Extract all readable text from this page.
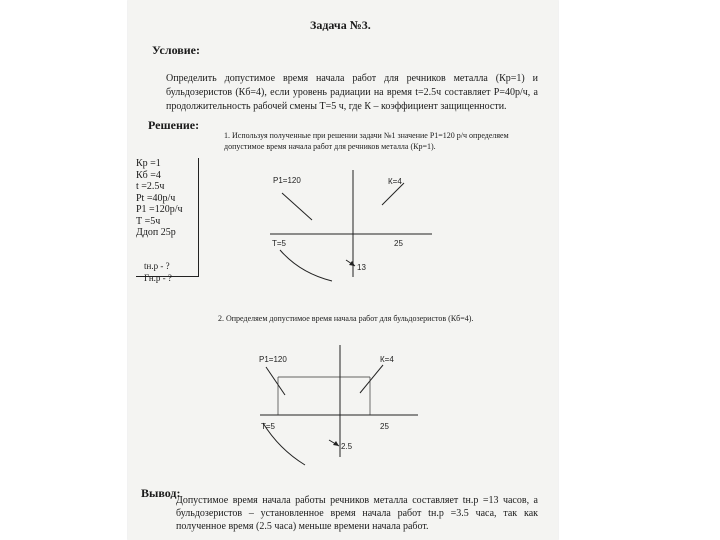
Задача №3.
Условие:
Определить допустимое время начала работ для речников металла (Кр=1) и бульдозеристов (Кб=4), если уровень радиации на время t=2.5ч составляет P=40р/ч, а продолжительность рабочей смены Т=5 ч, где К – коэффициент защищенности.
Решение:
1. Используя полученные при решении задачи №1 значение P1=120 р/ч определяем допустимое время начала работ для речников металла (Кр=1).
Кр =1
Кб =4
t =2.5ч
Рt =40р/ч
Р1 =120р/ч
Т =5ч
Ддоп 25р
tн.р - ?
Гн.р - ?
Р1=120	К=4
Т=5	25
13
2. Определяем допустимое время начала работ для бульдозеристов (Кб=4).
Р1=120	К=4
Т=5	25
2.5
Вывод:
Допустимое время начала работы речников металла составляет tн.р =13 часов, а бульдозеристов – установленное время начала работ tн.р =3.5 часа, так как полученное время (2.5 часа) меньше времени начала работ.
